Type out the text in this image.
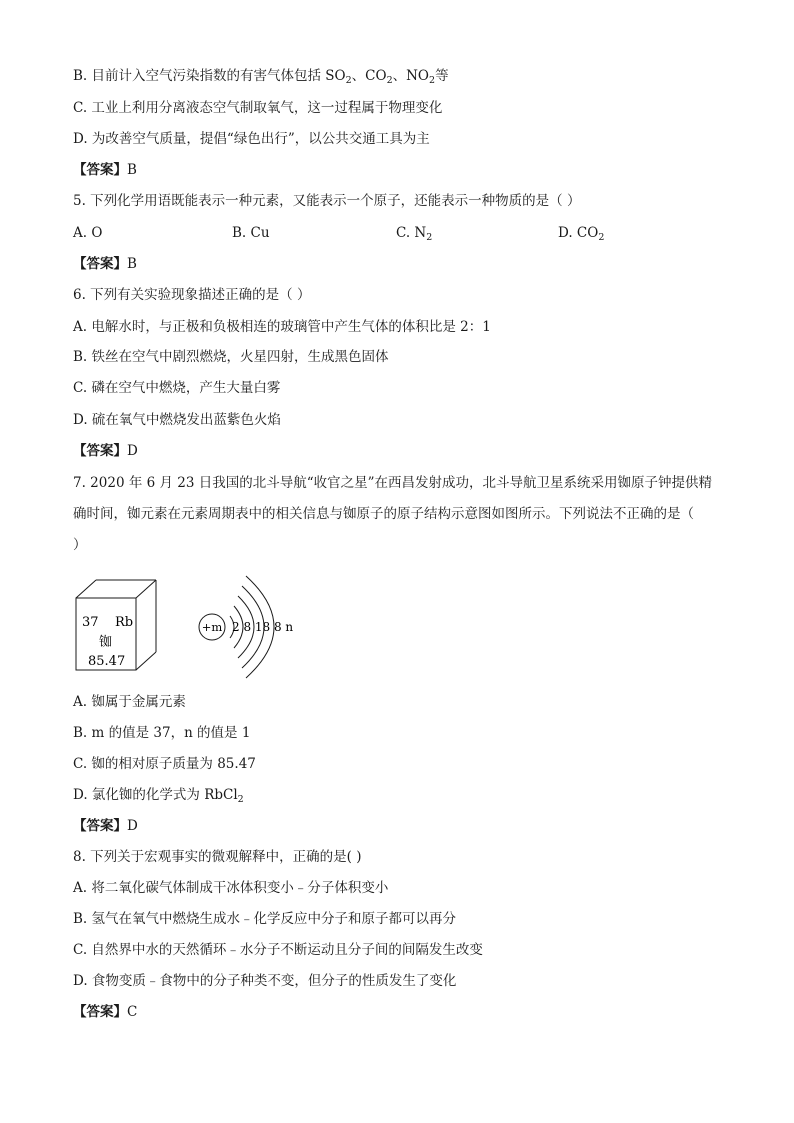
B. 目前计入空气污染指数的有害气体包括 $SO_2$、$CO_2$、$NO_2$等
C. 工业上利用分离液态空气制取氧气，这一过程属于物理变化
D. 为改善空气质量，提倡“绿色出行”，以公共交通工具为主
【答案】B
5. 下列化学用语既能表示一种元素，又能表示一个原子，还能表示一种物质的是（ ）
A. O	B. Cu	C. $N_2$	D. $CO_2$
【答案】B
6. 下列有关实验现象描述正确的是（ ）
A. 电解水时，与正极和负极相连的玻璃管中产生气体的体积比是 2：1
B. 铁丝在空气中剧烈燃烧，火星四射，生成黑色固体
C. 磷在空气中燃烧，产生大量白雾
D. 硫在氧气中燃烧发出蓝紫色火焰
【答案】D
7. 2020 年 6 月 23 日我国的北斗导航“收官之星”在西昌发射成功，北斗导航卫星系统采用铷原子钟提供精
确时间，铷元素在元素周期表中的相关信息与铷原子的原子结构示意图如图所示。下列说法不正确的是（
）
37 Rb
铷
85.47
+m 2 8 18 8 n
A. 铷属于金属元素
B. m 的值是 37，n 的值是 1
C. 铷的相对原子质量为 85.47
D. 氯化铷的化学式为 RbCl$_2$
【答案】D
8. 下列关于宏观事实的微观解释中，正确的是( )
A. 将二氧化碳气体制成干冰体积变小﹣分子体积变小
B. 氢气在氧气中燃烧生成水﹣化学反应中分子和原子都可以再分
C. 自然界中水的天然循环﹣水分子不断运动且分子间的间隔发生改变
D. 食物变质﹣食物中的分子种类不变，但分子的性质发生了变化
【答案】C
